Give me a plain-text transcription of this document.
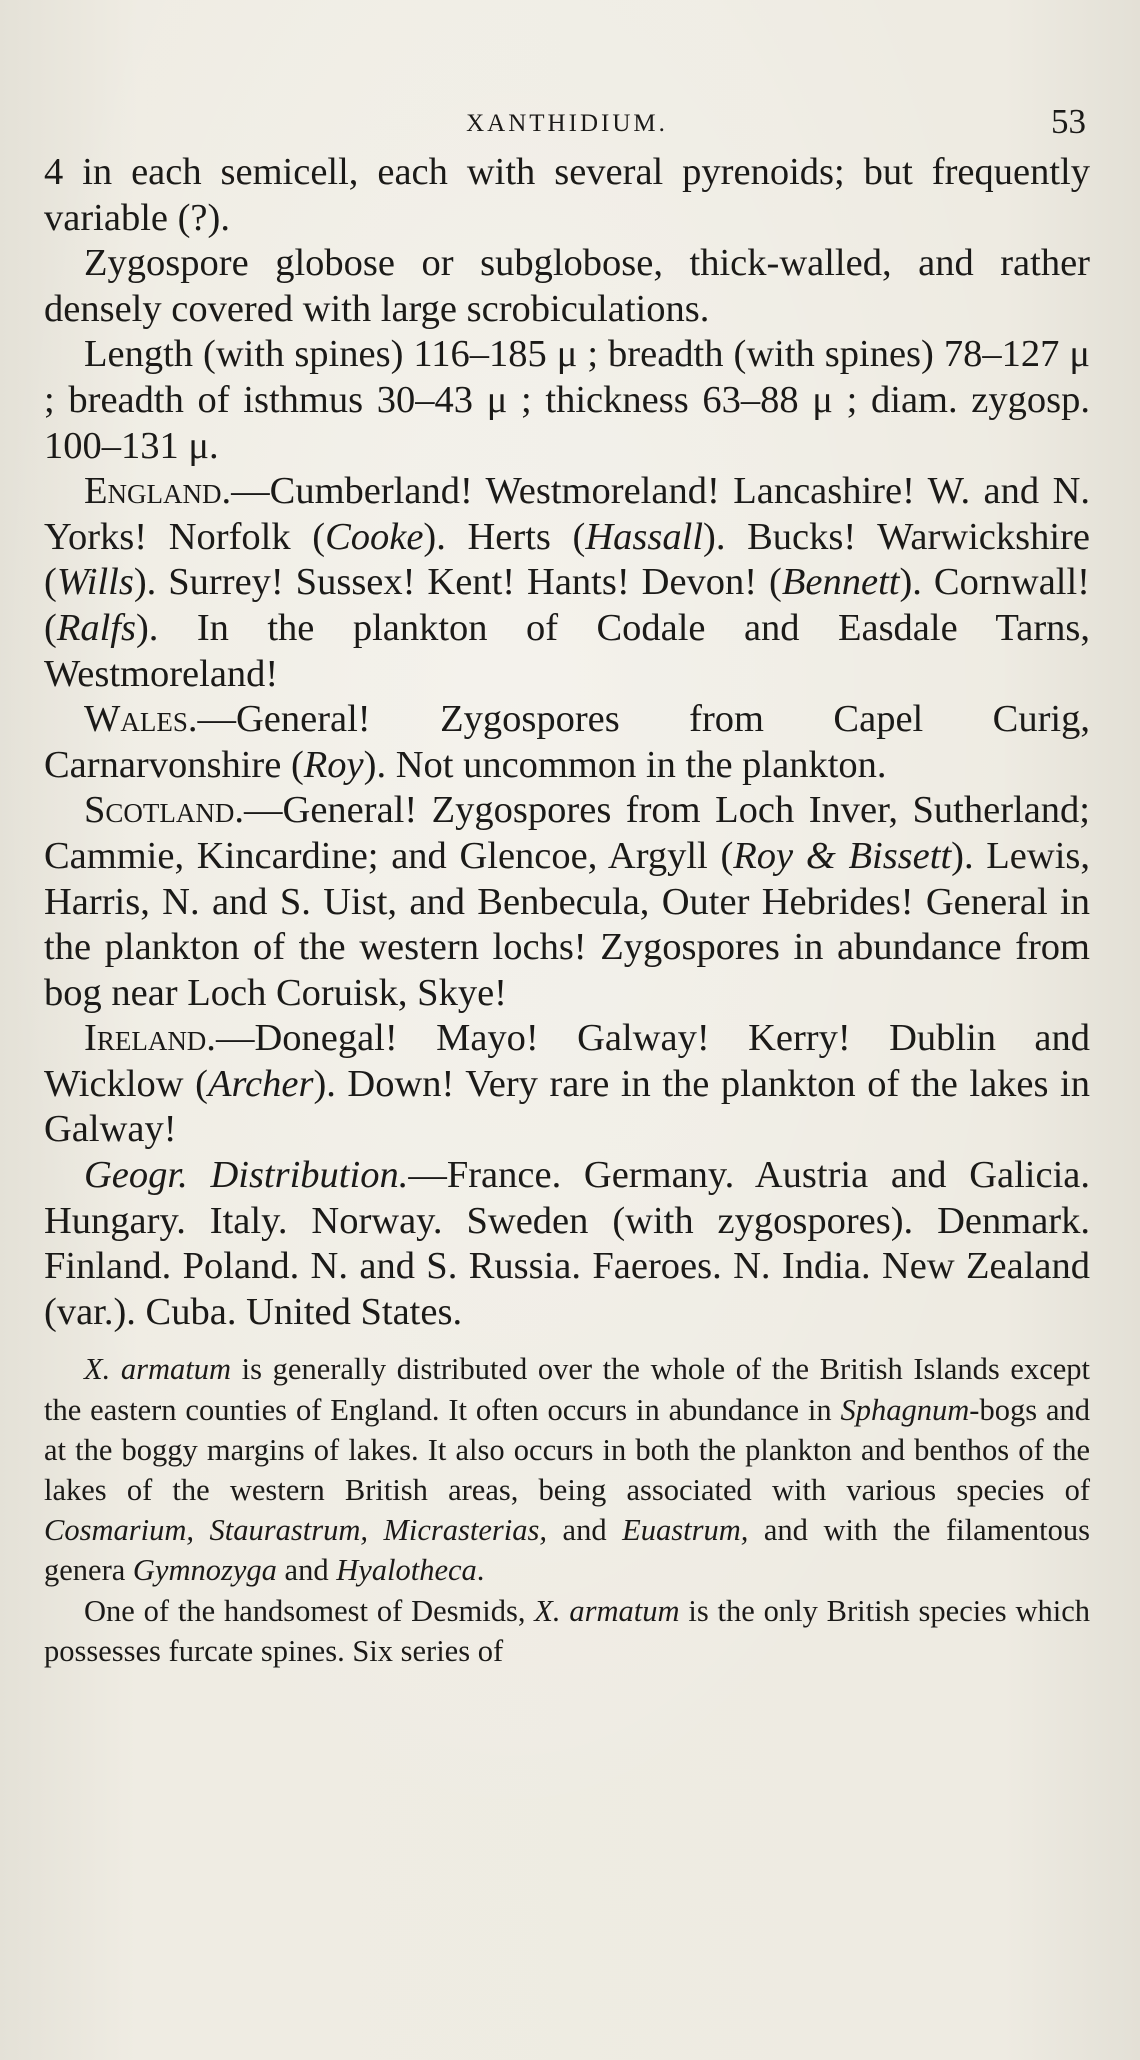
XANTHIDIUM.	53

4 in each semicell, each with several pyrenoids; but frequently variable (?).

Zygospore globose or subglobose, thick-walled, and rather densely covered with large scrobiculations.

Length (with spines) 116–185 μ ; breadth (with spines) 78–127 μ ; breadth of isthmus 30–43 μ ; thickness 63–88 μ ; diam. zygosp. 100–131 μ.

England.—Cumberland! Westmoreland! Lancashire! W. and N. Yorks! Norfolk (Cooke). Herts (Hassall). Bucks! Warwickshire (Wills). Surrey! Sussex! Kent! Hants! Devon! (Bennett). Cornwall! (Ralfs). In the plankton of Codale and Easdale Tarns, Westmoreland!

Wales.—General! Zygospores from Capel Curig, Carnarvonshire (Roy). Not uncommon in the plankton.

Scotland.—General! Zygospores from Loch Inver, Sutherland; Cammie, Kincardine; and Glencoe, Argyll (Roy & Bissett). Lewis, Harris, N. and S. Uist, and Benbecula, Outer Hebrides! General in the plankton of the western lochs! Zygospores in abundance from bog near Loch Coruisk, Skye!

Ireland.—Donegal! Mayo! Galway! Kerry! Dublin and Wicklow (Archer). Down! Very rare in the plankton of the lakes in Galway!

Geogr. Distribution.—France. Germany. Austria and Galicia. Hungary. Italy. Norway. Sweden (with zygospores). Denmark. Finland. Poland. N. and S. Russia. Faeroes. N. India. New Zealand (var.). Cuba. United States.

X. armatum is generally distributed over the whole of the British Islands except the eastern counties of England. It often occurs in abundance in Sphagnum-bogs and at the boggy margins of lakes. It also occurs in both the plankton and benthos of the lakes of the western British areas, being associated with various species of Cosmarium, Staurastrum, Micrasterias, and Euastrum, and with the filamentous genera Gymnozyga and Hyalotheca.

One of the handsomest of Desmids, X. armatum is the only British species which possesses furcate spines. Six series of
